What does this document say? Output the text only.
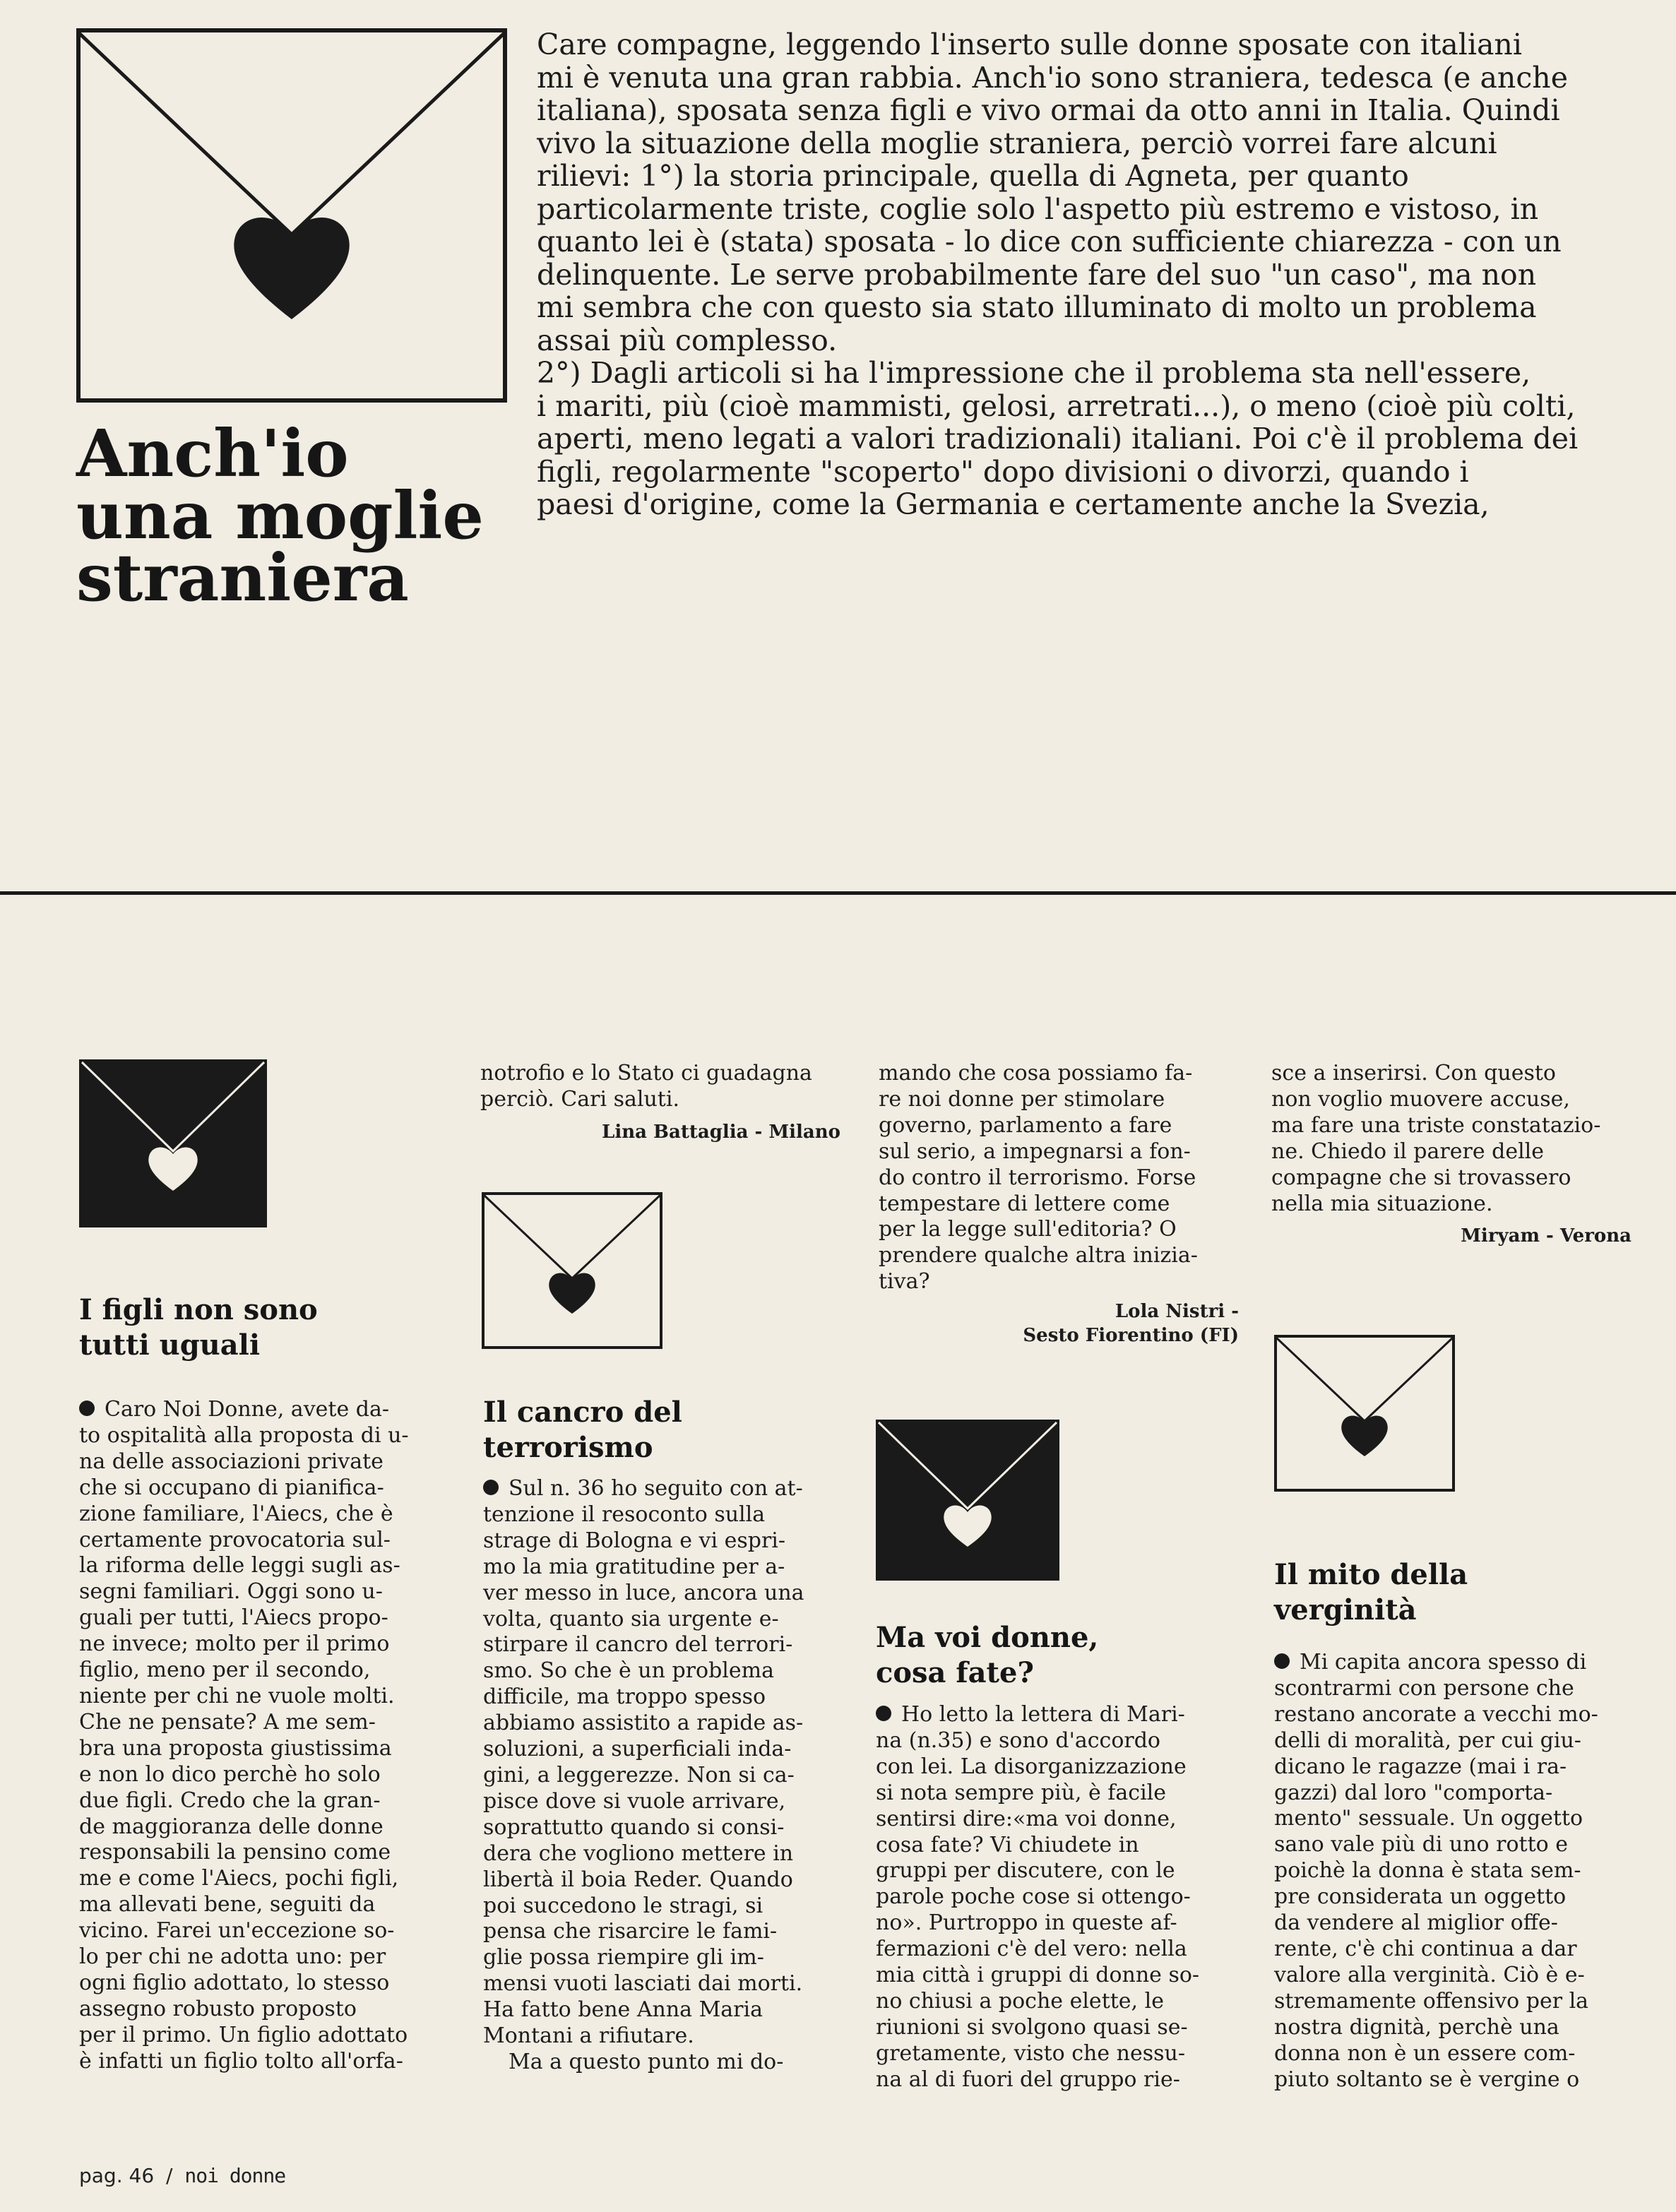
Anch'io
una moglie
straniera
Care compagne, leggendo l'inserto sulle donne sposate con italiani
mi è venuta una gran rabbia. Anch'io sono straniera, tedesca (e anche
italiana), sposata senza figli e vivo ormai da otto anni in Italia. Quindi
vivo la situazione della moglie straniera, perciò vorrei fare alcuni
rilievi: 1°) la storia principale, quella di Agneta, per quanto
particolarmente triste, coglie solo l'aspetto più estremo e vistoso, in
quanto lei è (stata) sposata - lo dice con sufficiente chiarezza - con un
delinquente. Le serve probabilmente fare del suo "un caso", ma non
mi sembra che con questo sia stato illuminato di molto un problema
assai più complesso.
2°) Dagli articoli si ha l'impressione che il problema sta nell'essere,
i mariti, più (cioè mammisti, gelosi, arretrati...), o meno (cioè più colti,
aperti, meno legati a valori tradizionali) italiani. Poi c'è il problema dei
figli, regolarmente "scoperto" dopo divisioni o divorzi, quando i
paesi d'origine, come la Germania e certamente anche la Svezia,
I figli non sono
tutti uguali
Caro Noi Donne, avete da-
to ospitalità alla proposta di u-
na delle associazioni private
che si occupano di pianifica-
zione familiare, l'Aiecs, che è
certamente provocatoria sul-
la riforma delle leggi sugli as-
segni familiari. Oggi sono u-
guali per tutti, l'Aiecs propo-
ne invece; molto per il primo
figlio, meno per il secondo,
niente per chi ne vuole molti.
Che ne pensate? A me sem-
bra una proposta giustissima
e non lo dico perchè ho solo
due figli. Credo che la gran-
de maggioranza delle donne
responsabili la pensino come
me e come l'Aiecs, pochi figli,
ma allevati bene, seguiti da
vicino. Farei un'eccezione so-
lo per chi ne adotta uno: per
ogni figlio adottato, lo stesso
assegno robusto proposto
per il primo. Un figlio adottato
è infatti un figlio tolto all'orfa-
notrofio e lo Stato ci guadagna
perciò. Cari saluti.
Lina Battaglia - Milano
Il cancro del
terrorismo
Sul n. 36 ho seguito con at-
tenzione il resoconto sulla
strage di Bologna e vi espri-
mo la mia gratitudine per a-
ver messo in luce, ancora una
volta, quanto sia urgente e-
stirpare il cancro del terrori-
smo. So che è un problema
difficile, ma troppo spesso
abbiamo assistito a rapide as-
soluzioni, a superficiali inda-
gini, a leggerezze. Non si ca-
pisce dove si vuole arrivare,
soprattutto quando si consi-
dera che vogliono mettere in
libertà il boia Reder. Quando
poi succedono le stragi, si
pensa che risarcire le fami-
glie possa riempire gli im-
mensi vuoti lasciati dai morti.
Ha fatto bene Anna Maria
Montani a rifiutare.
Ma a questo punto mi do-
mando che cosa possiamo fa-
re noi donne per stimolare
governo, parlamento a fare
sul serio, a impegnarsi a fon-
do contro il terrorismo. Forse
tempestare di lettere come
per la legge sull'editoria? O
prendere qualche altra inizia-
tiva?
Lola Nistri -
Sesto Fiorentino (FI)
Ma voi donne,
cosa fate?
Ho letto la lettera di Mari-
na (n.35) e sono d'accordo
con lei. La disorganizzazione
si nota sempre più, è facile
sentirsi dire:«ma voi donne,
cosa fate? Vi chiudete in
gruppi per discutere, con le
parole poche cose si ottengo-
no». Purtroppo in queste af-
fermazioni c'è del vero: nella
mia città i gruppi di donne so-
no chiusi a poche elette, le
riunioni si svolgono quasi se-
gretamente, visto che nessu-
na al di fuori del gruppo rie-
sce a inserirsi. Con questo
non voglio muovere accuse,
ma fare una triste constatazio-
ne. Chiedo il parere delle
compagne che si trovassero
nella mia situazione.
Miryam - Verona
Il mito della
verginità
Mi capita ancora spesso di
scontrarmi con persone che
restano ancorate a vecchi mo-
delli di moralità, per cui giu-
dicano le ragazze (mai i ra-
gazzi) dal loro "comporta-
mento" sessuale. Un oggetto
sano vale più di uno rotto e
poichè la donna è stata sem-
pre considerata un oggetto
da vendere al miglior offe-
rente, c'è chi continua a dar
valore alla verginità. Ciò è e-
stremamente offensivo per la
nostra dignità, perchè una
donna non è un essere com-
piuto soltanto se è vergine o
pag. 46 / noi donne
